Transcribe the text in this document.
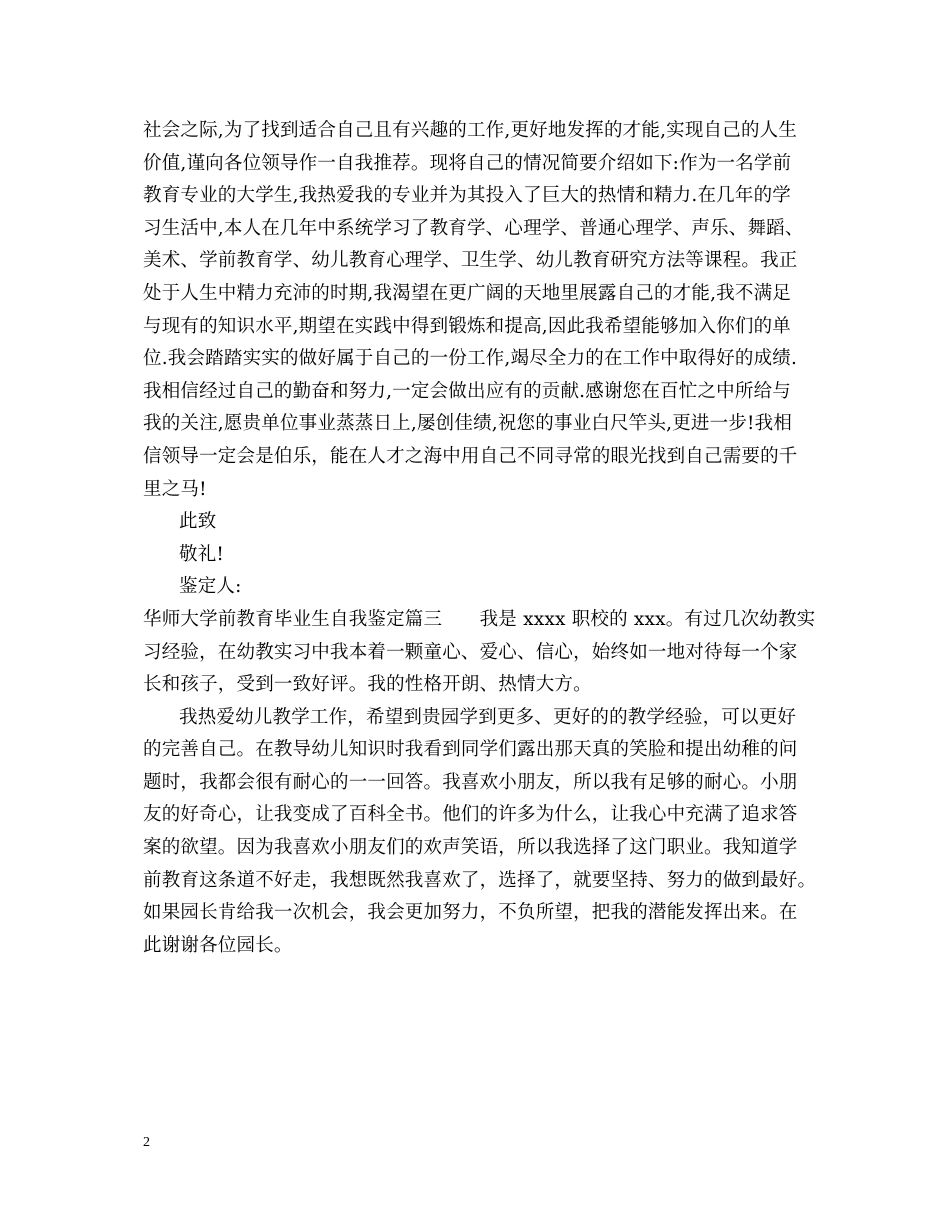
社会之际,为了找到适合自己且有兴趣的工作,更好地发挥的才能,实现自己的人生
价值,谨向各位领导作一自我推荐。现将自己的情况简要介绍如下:作为一名学前
教育专业的大学生,我热爱我的专业并为其投入了巨大的热情和精力.在几年的学
习生活中,本人在几年中系统学习了教育学、心理学、普通心理学、声乐、舞蹈、
美术、学前教育学、幼儿教育心理学、卫生学、幼儿教育研究方法等课程。我正
处于人生中精力充沛的时期,我渴望在更广阔的天地里展露自己的才能,我不满足
与现有的知识水平,期望在实践中得到锻炼和提高,因此我希望能够加入你们的单
位.我会踏踏实实的做好属于自己的一份工作,竭尽全力的在工作中取得好的成绩.
我相信经过自己的勤奋和努力,一定会做出应有的贡献.感谢您在百忙之中所给与
我的关注,愿贵单位事业蒸蒸日上,屡创佳绩,祝您的事业白尺竿头,更进一步!我相
信领导一定会是伯乐，能在人才之海中用自己不同寻常的眼光找到自己需要的千
里之马!
此致
敬礼!
鉴定人:
华师大学前教育毕业生自我鉴定篇三　　我是 xxxx 职校的 xxx。有过几次幼教实
习经验，在幼教实习中我本着一颗童心、爱心、信心，始终如一地对待每一个家
长和孩子，受到一致好评。我的性格开朗、热情大方。
我热爱幼儿教学工作，希望到贵园学到更多、更好的的教学经验，可以更好
的完善自己。在教导幼儿知识时我看到同学们露出那天真的笑脸和提出幼稚的问
题时，我都会很有耐心的一一回答。我喜欢小朋友，所以我有足够的耐心。小朋
友的好奇心，让我变成了百科全书。他们的许多为什么，让我心中充满了追求答
案的欲望。因为我喜欢小朋友们的欢声笑语，所以我选择了这门职业。我知道学
前教育这条道不好走，我想既然我喜欢了，选择了，就要坚持、努力的做到最好。
如果园长肯给我一次机会，我会更加努力，不负所望，把我的潜能发挥出来。在
此谢谢各位园长。
2
